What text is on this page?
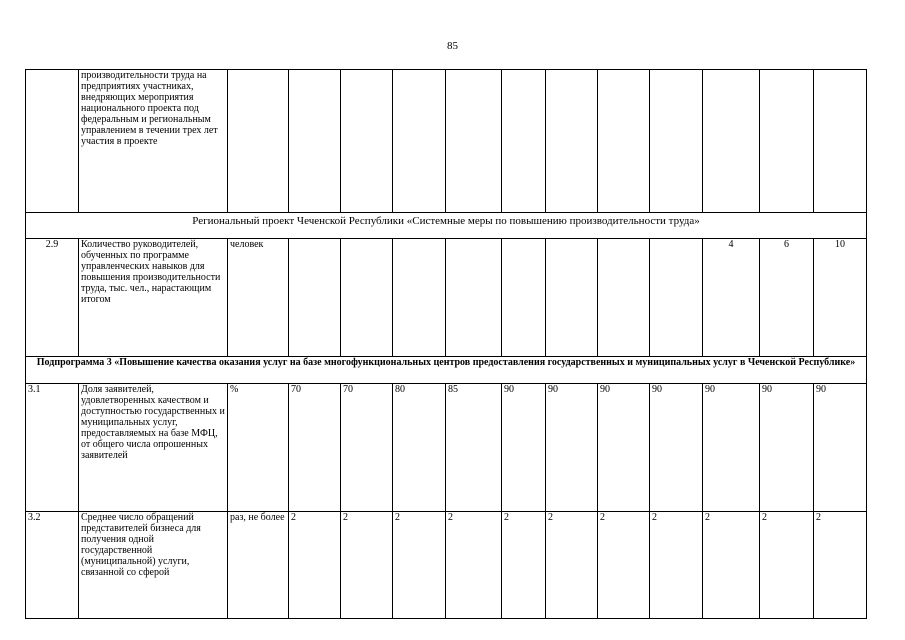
85
	производительности труда на предприятиях участниках, внедряющих мероприятия национального проекта под федеральным и региональным управлением в течении трех лет участия в проекте												
Региональный проект Чеченской Республики «Системные меры по повышению производительности труда»													
2.9	Количество руководителей, обученных по программе управленческих навыков для повышения производительности труда, тыс. чел., нарастающим итогом	человек									4	6	10
Подпрограмма 3 «Повышение качества оказания услуг на базе многофункциональных центров предоставления государственных и муниципальных услуг в Чеченской Республике»													
3.1	Доля заявителей, удовлетворенных качеством и доступностью государственных и муниципальных услуг, предоставляемых на базе МФЦ, от общего числа опрошенных заявителей	%	70	70	80	85	90	90	90	90	90	90	90
3.2	Среднее число обращений представителей бизнеса для получения одной государственной (муниципальной) услуги, связанной со сферой	раз, не более	2	2	2	2	2	2	2	2	2	2	2
